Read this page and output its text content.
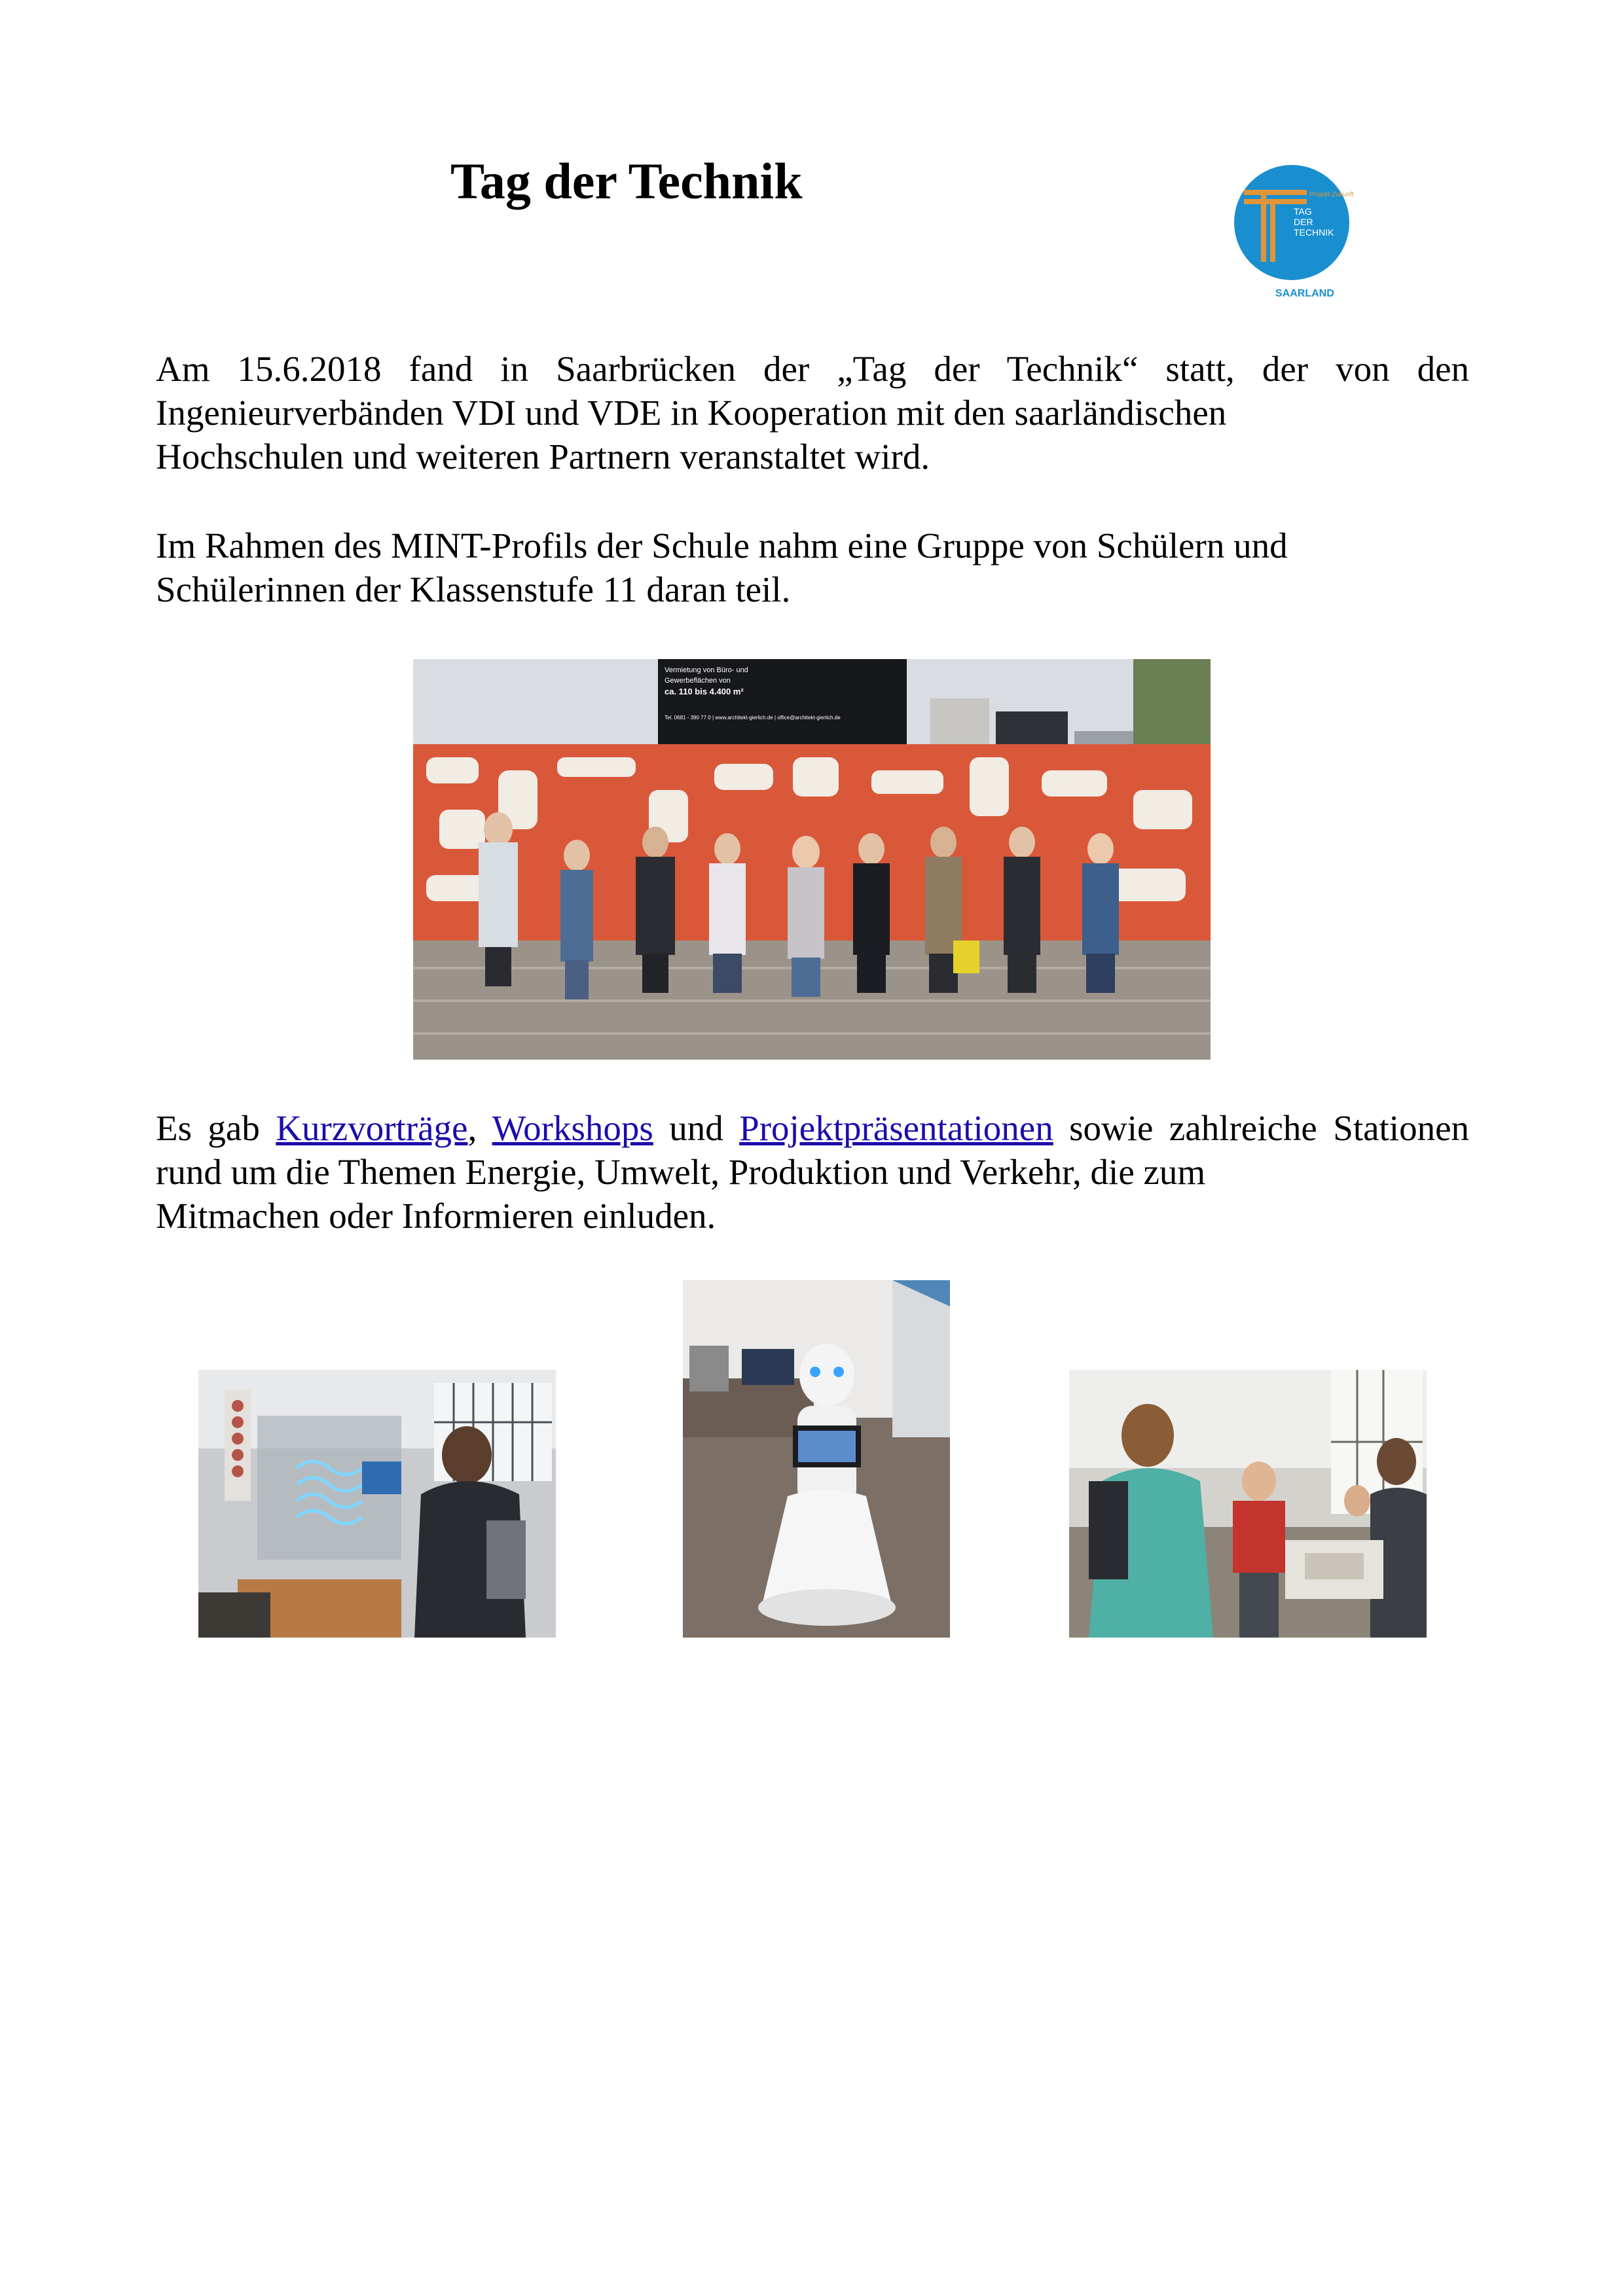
Tag der Technik	Projekt Zukunft
TAG
DER
TECHNIK
SAARLAND

Am 15.6.2018 fand in Saarbrücken der „Tag der Technik“ statt, der von den Ingenieurverbänden VDI und VDE in Kooperation mit den saarländischen
Hochschulen und weiteren Partnern veranstaltet wird.

Im Rahmen des MINT-Profils der Schule nahm eine Gruppe von Schülern und
Schülerinnen der Klassenstufe 11 daran teil.

Vermietung von Büro- und
Gewerbeflächen von
ca. 110 bis 4.400 m²
Tel. 0681 - 390 77 0 | www.architekt-gierlich.de | office@architekt-gierlich.de

Es gab Kurzvorträge, Workshops und Projektpräsentationen sowie zahlreiche Stationen rund um die Themen Energie, Umwelt, Produktion und Verkehr, die zum
Mitmachen oder Informieren einluden.
